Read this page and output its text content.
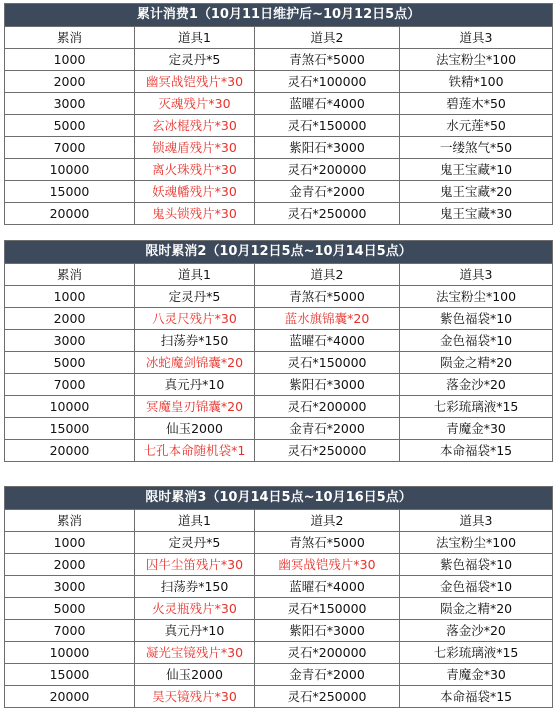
累计消费1（10月11日维护后~10月12日5点）			
累消	道具1	道具2	道具3
1000	定灵丹*5	青煞石*5000	法宝粉尘*100
2000	幽冥战铠残片*30	灵石*100000	铁精*100
3000	灭魂残片*30	蓝曜石*4000	碧莲木*50
5000	玄冰棍残片*30	灵石*150000	水元莲*50
7000	锁魂盾残片*30	紫阳石*3000	一缕煞气*50
10000	离火珠残片*30	灵石*200000	鬼王宝藏*10
15000	妖魂幡残片*30	金青石*2000	鬼王宝藏*20
20000	鬼头锁残片*30	灵石*250000	鬼王宝藏*30
限时累消2（10月12日5点~10月14日5点）			
累消	道具1	道具2	道具3
1000	定灵丹*5	青煞石*5000	法宝粉尘*100
2000	八灵尺残片*30	蓝水旗锦囊*20	紫色福袋*10
3000	扫荡券*150	蓝曜石*4000	金色福袋*10
5000	冰蛇魔剑锦囊*20	灵石*150000	陨金之精*20
7000	真元丹*10	紫阳石*3000	落金沙*20
10000	冥魔皇刃锦囊*20	灵石*200000	七彩琉璃液*15
15000	仙玉2000	金青石*2000	青魔金*30
20000	七孔本命随机袋*1	灵石*250000	本命福袋*15
限时累消3（10月14日5点~10月16日5点）			
累消	道具1	道具2	道具3
1000	定灵丹*5	青煞石*5000	法宝粉尘*100
2000	囚牛尘笛残片*30	幽冥战铠残片*30	紫色福袋*10
3000	扫荡券*150	蓝曜石*4000	金色福袋*10
5000	火灵瓶残片*30	灵石*150000	陨金之精*20
7000	真元丹*10	紫阳石*3000	落金沙*20
10000	凝光宝镜残片*30	灵石*200000	七彩琉璃液*15
15000	仙玉2000	金青石*2000	青魔金*30
20000	昊天镜残片*30	灵石*250000	本命福袋*15
